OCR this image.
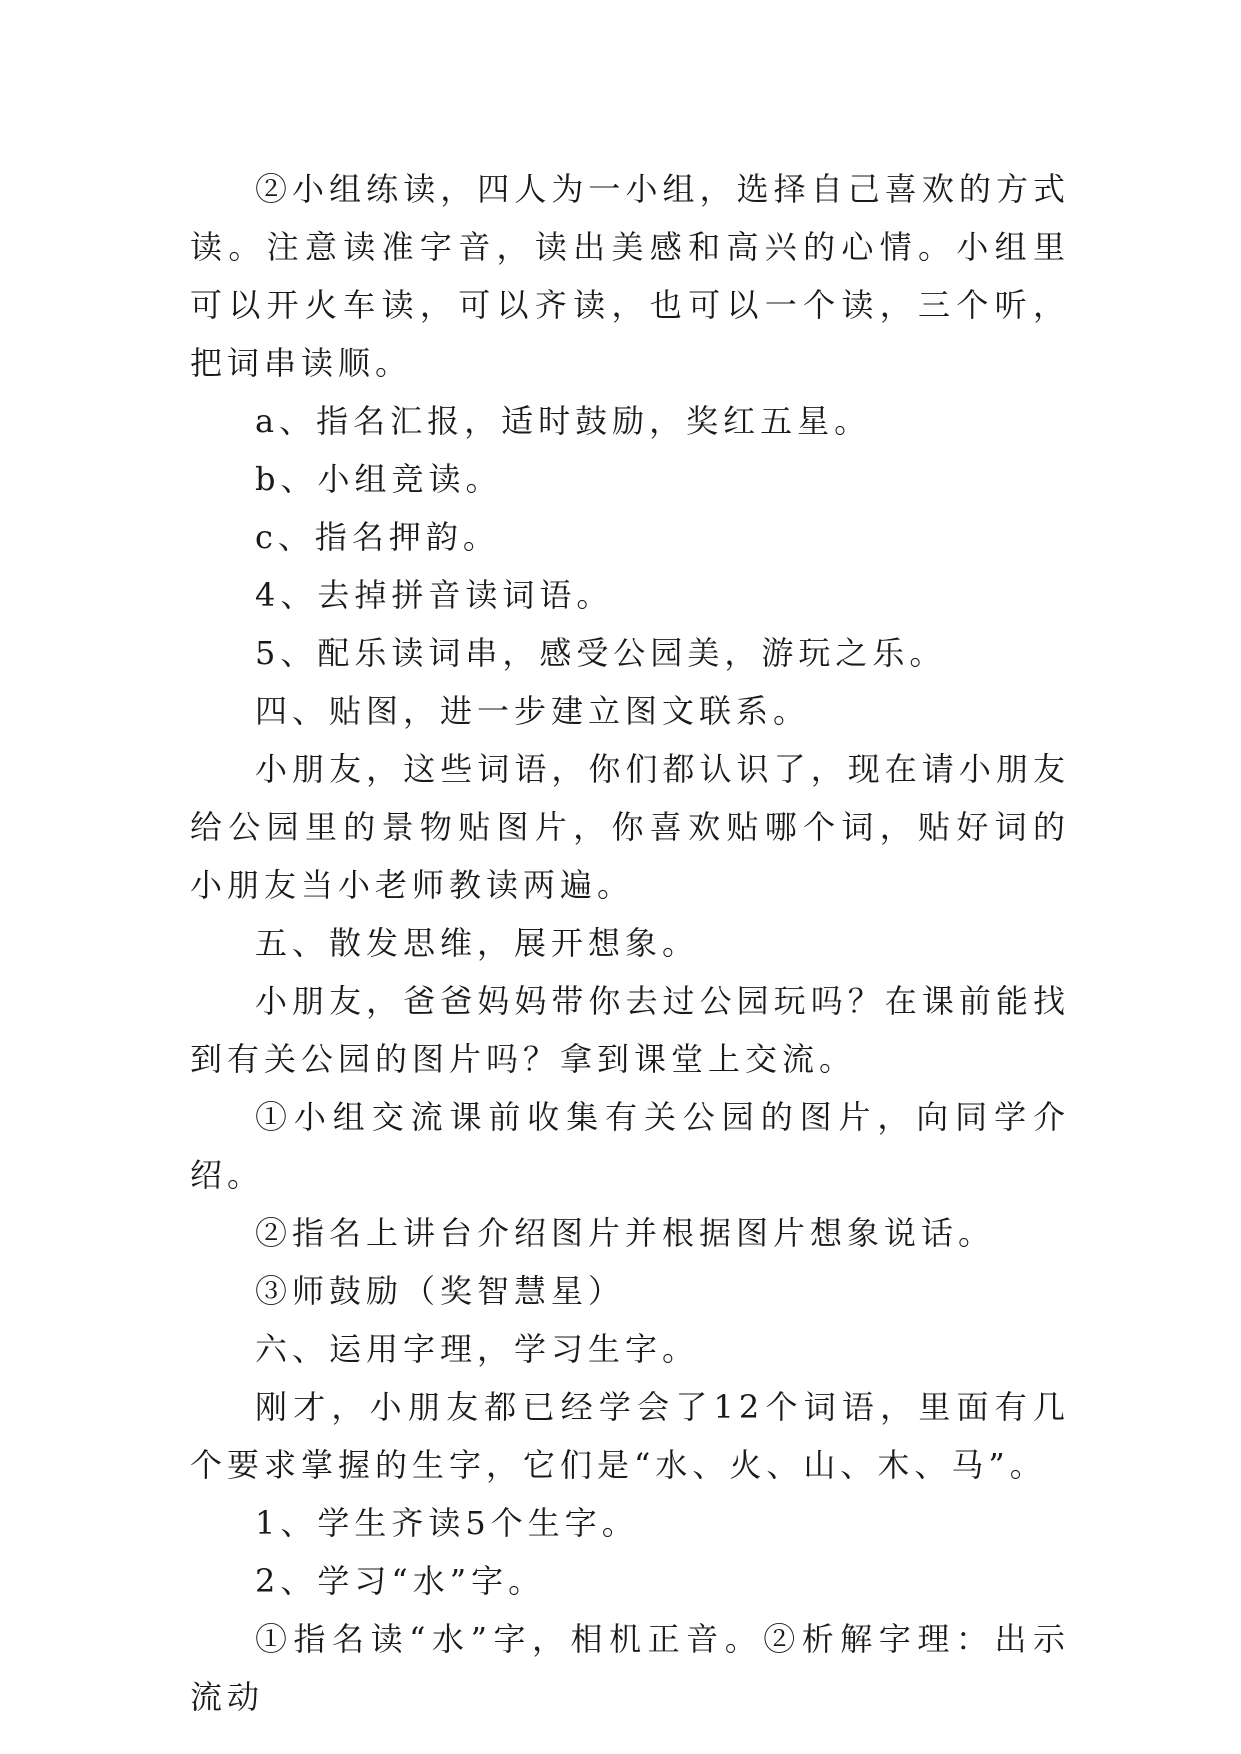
②小组练读，四人为一小组，选择自己喜欢的方式读。注意读准字音，读出美感和高兴的心情。小组里可以开火车读，可以齐读，也可以一个读，三个听，把词串读顺。

a、指名汇报，适时鼓励，奖红五星。

b、小组竞读。

c、指名押韵。

4、去掉拼音读词语。

5、配乐读词串，感受公园美，游玩之乐。

四、贴图，进一步建立图文联系。

小朋友，这些词语，你们都认识了，现在请小朋友给公园里的景物贴图片，你喜欢贴哪个词，贴好词的小朋友当小老师教读两遍。

五、散发思维，展开想象。

小朋友，爸爸妈妈带你去过公园玩吗？在课前能找到有关公园的图片吗？拿到课堂上交流。

①小组交流课前收集有关公园的图片，向同学介绍。

②指名上讲台介绍图片并根据图片想象说话。

③师鼓励（奖智慧星）

六、运用字理，学习生字。

刚才，小朋友都已经学会了12个词语，里面有几个要求掌握的生字，它们是“水、火、山、木、马”。

1、学生齐读5个生字。

2、学习“水”字。

①指名读“水”字，相机正音。②析解字理：出示流动
